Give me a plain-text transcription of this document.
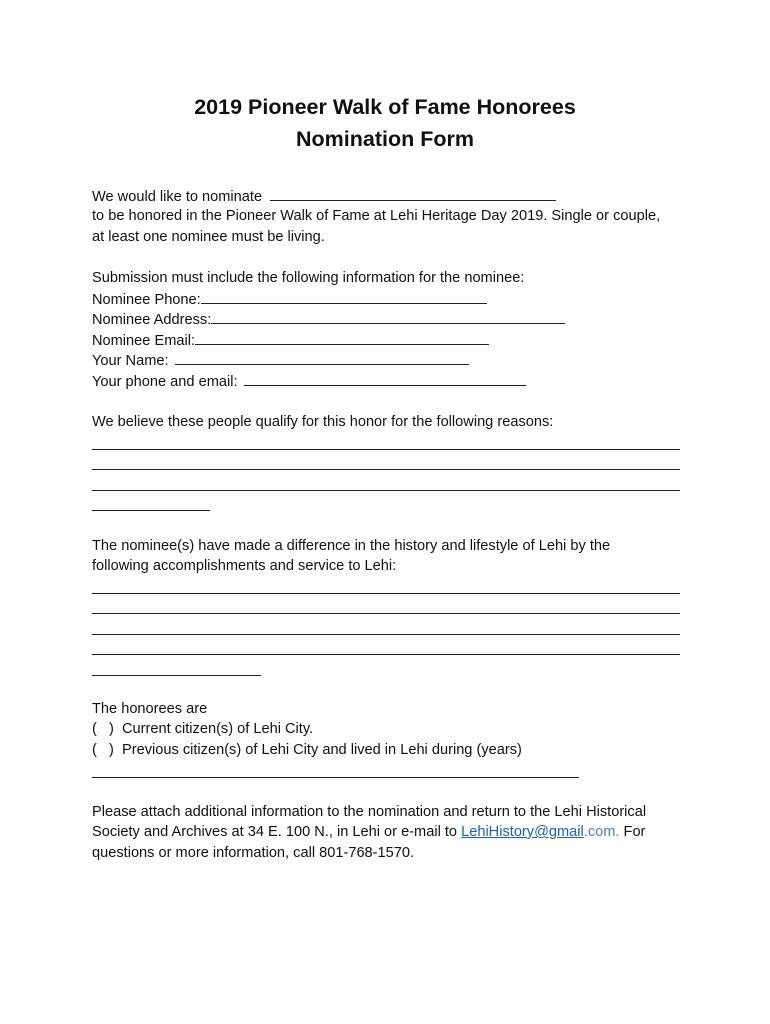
2019 Pioneer Walk of Fame Honorees
Nomination Form
We would like to nominate
to be honored in the Pioneer Walk of Fame at Lehi Heritage Day 2019. Single or couple,
at least one nominee must be living.
Submission must include the following information for the nominee:
Nominee Phone:
Nominee Address:
Nominee Email:
Your Name:
Your phone and email:
We believe these people qualify for this honor for the following reasons:
The nominee(s) have made a difference in the history and lifestyle of Lehi by the
following accomplishments and service to Lehi:
The honorees are
(   )  Current citizen(s) of Lehi City.
(   )  Previous citizen(s) of Lehi City and lived in Lehi during (years)
Please attach additional information to the nomination and return to the Lehi Historical
Society and Archives at 34 E. 100 N., in Lehi or e-mail to LehiHistory@gmail.com. For
questions or more information, call 801-768-1570.
